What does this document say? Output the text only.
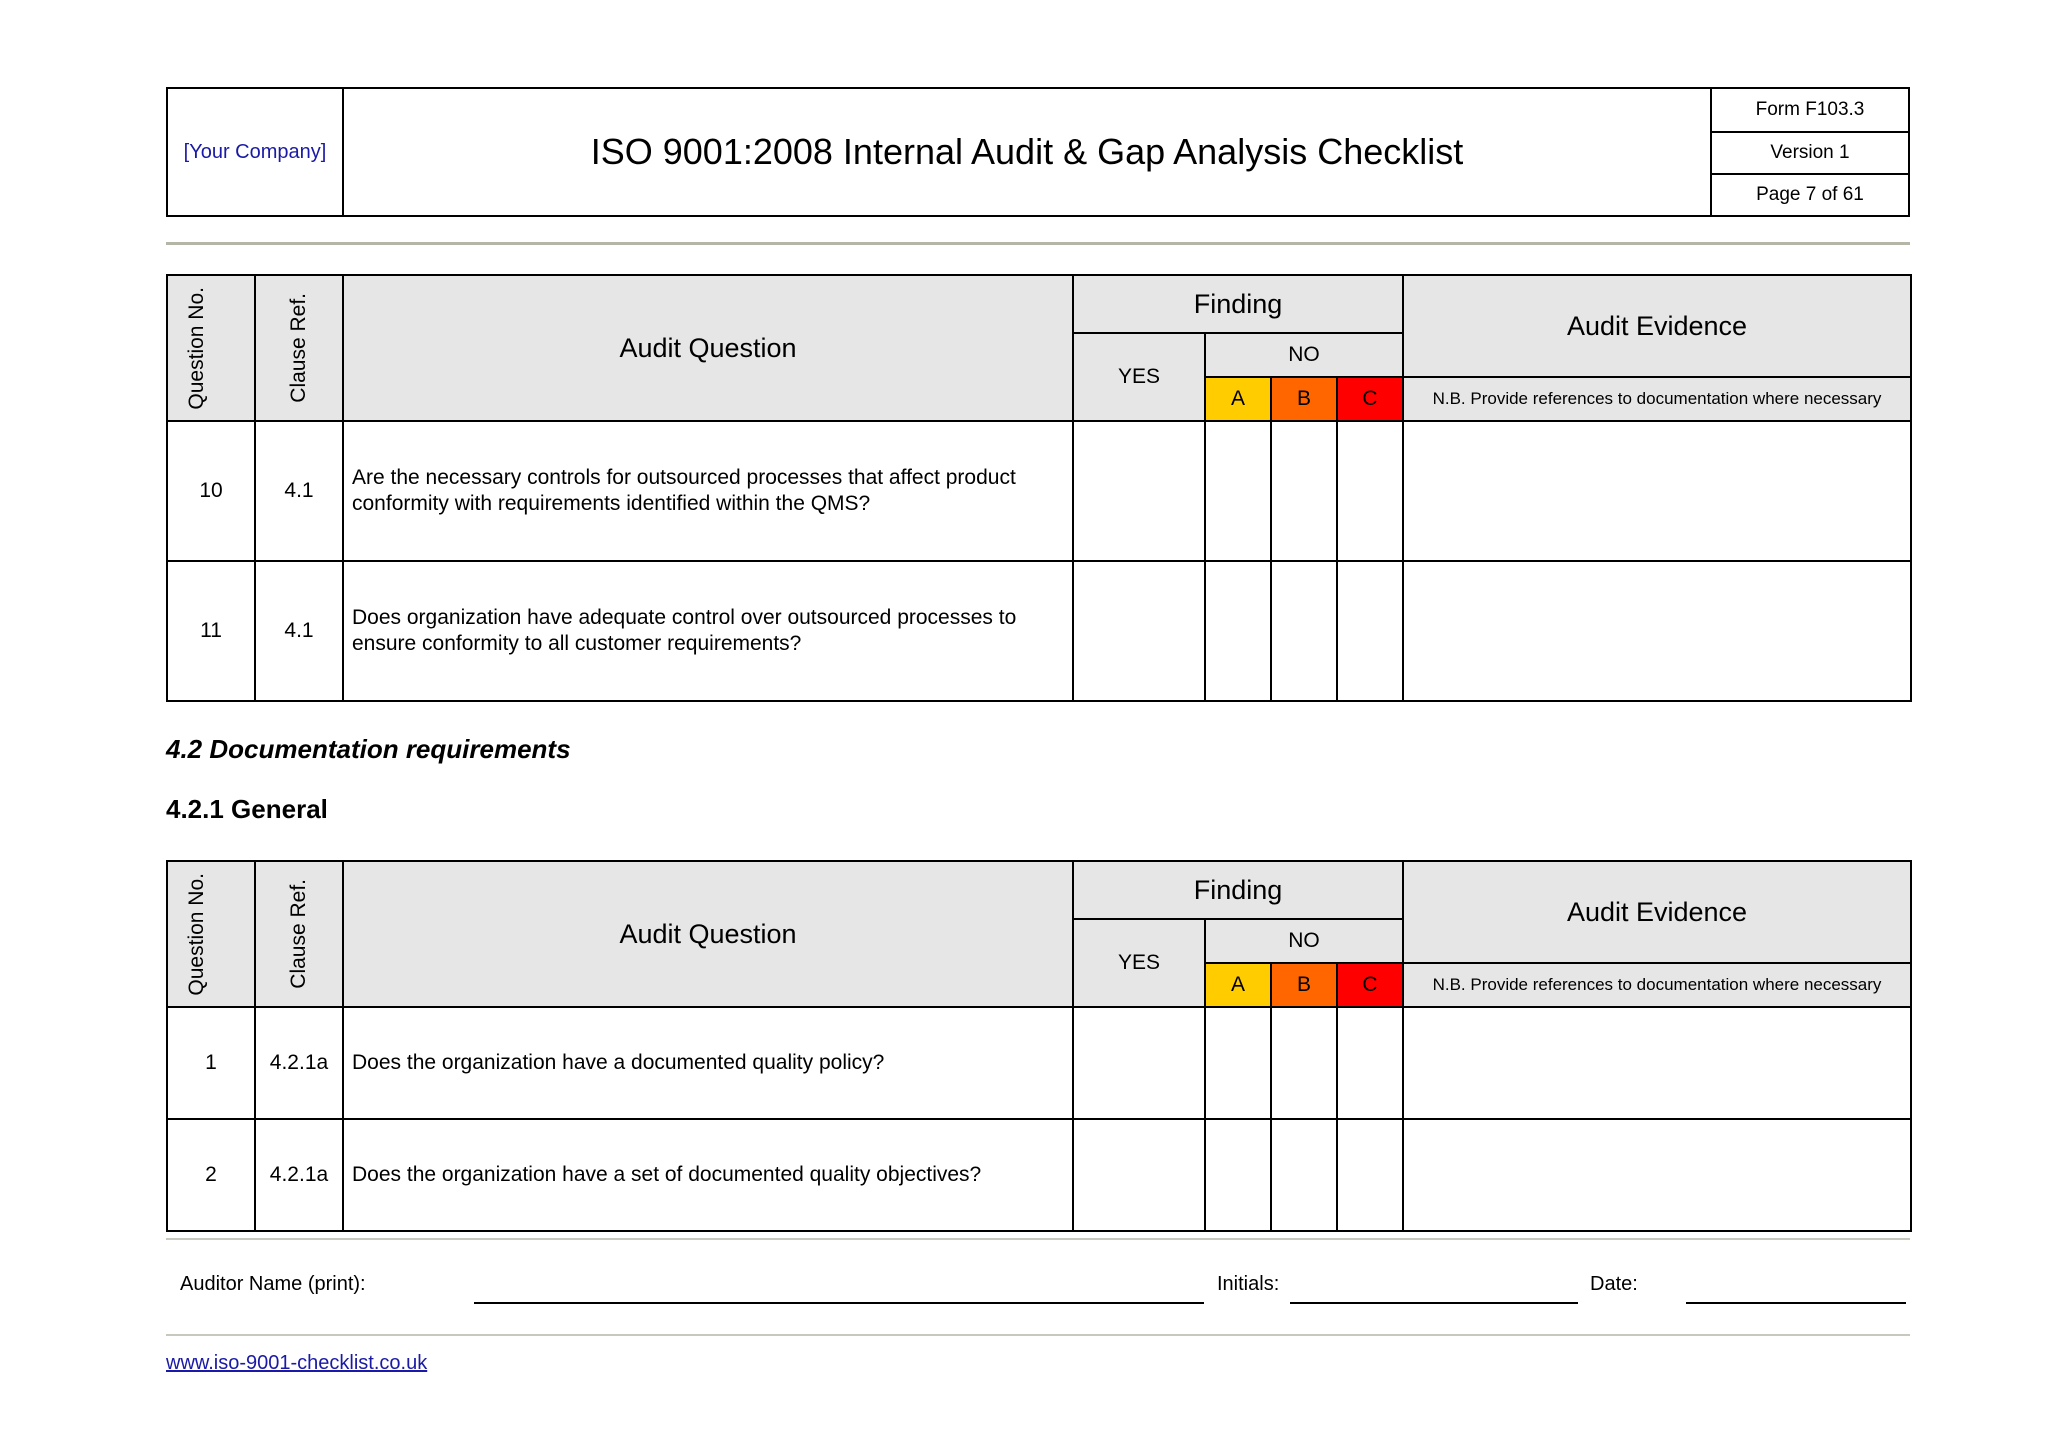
[Your Company]	ISO 9001:2008 Internal Audit & Gap Analysis Checklist
Form F103.3
Version 1
Page 7 of 61
Question No.	Clause Ref.	Audit Question	Finding				Audit Evidence
			YES	NO			
				A	B	C	N.B. Provide references to documentation where necessary
10	4.1	Are the necessary controls for outsourced processes that affect product conformity with requirements identified within the QMS?					
11	4.1	Does organization have adequate control over outsourced processes to ensure conformity to all customer requirements?					
4.2 Documentation requirements
4.2.1 General
Question No.	Clause Ref.	Audit Question	Finding				Audit Evidence
			YES	NO			
				A	B	C	N.B. Provide references to documentation where necessary
1	4.2.1a	Does the organization have a documented quality policy?					
2	4.2.1a	Does the organization have a set of documented quality objectives?					
Auditor Name (print):	Initials:	Date:
www.iso-9001-checklist.co.uk
